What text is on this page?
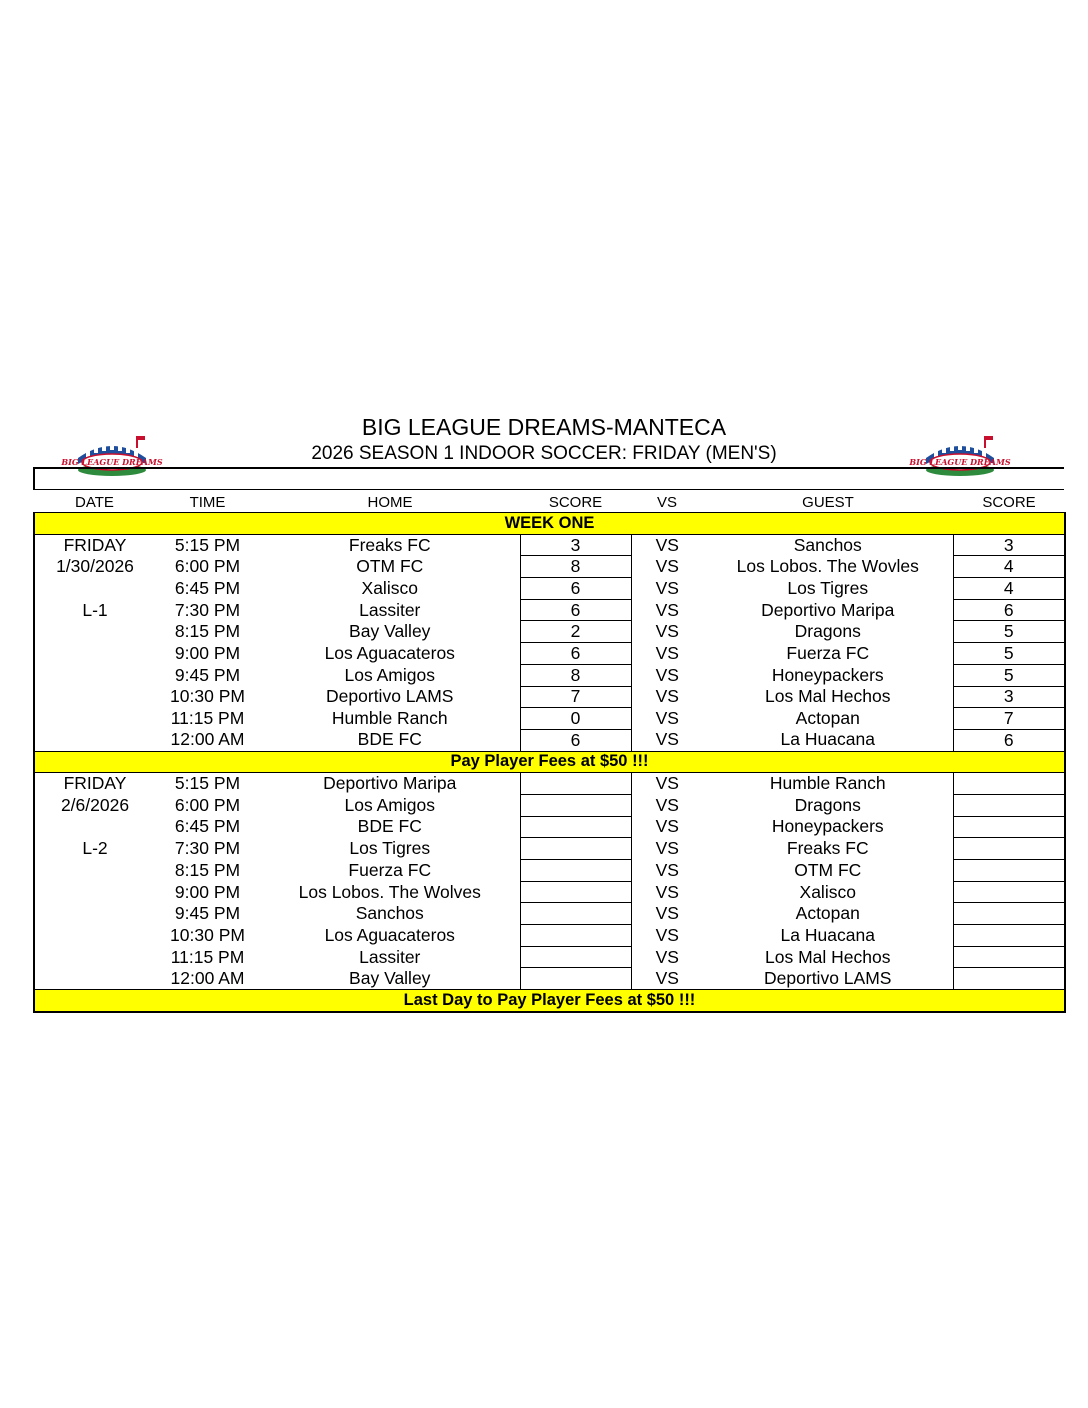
BIG LEAGUE DREAMS-MANTECA
2026 SEASON 1 INDOOR SOCCER: FRIDAY (MEN'S)
BIG LEAGUE DREAMS	BIG LEAGUE DREAMS
DATE	TIME	HOME	SCORE	VS	GUEST	SCORE
WEEK ONE						
FRIDAY	5:15 PM	Freaks FC	3	VS	Sanchos	3
1/30/2026	6:00 PM	OTM FC	8	VS	Los Lobos. The Wovles	4
	6:45 PM	Xalisco	6	VS	Los Tigres	4
L-1	7:30 PM	Lassiter	6	VS	Deportivo Maripa	6
	8:15 PM	Bay Valley	2	VS	Dragons	5
	9:00 PM	Los Aguacateros	6	VS	Fuerza FC	5
	9:45 PM	Los Amigos	8	VS	Honeypackers	5
	10:30 PM	Deportivo LAMS	7	VS	Los Mal Hechos	3
	11:15 PM	Humble Ranch	0	VS	Actopan	7
	12:00 AM	BDE FC	6	VS	La Huacana	6
Pay Player Fees at $50 !!!						
FRIDAY	5:15 PM	Deportivo Maripa		VS	Humble Ranch	
2/6/2026	6:00 PM	Los Amigos		VS	Dragons	
	6:45 PM	BDE FC		VS	Honeypackers	
L-2	7:30 PM	Los Tigres		VS	Freaks FC	
	8:15 PM	Fuerza FC		VS	OTM FC	
	9:00 PM	Los Lobos. The Wolves		VS	Xalisco	
	9:45 PM	Sanchos		VS	Actopan	
	10:30 PM	Los Aguacateros		VS	La Huacana	
	11:15 PM	Lassiter		VS	Los Mal Hechos	
	12:00 AM	Bay Valley		VS	Deportivo LAMS	
Last Day to Pay Player Fees at $50 !!!						
